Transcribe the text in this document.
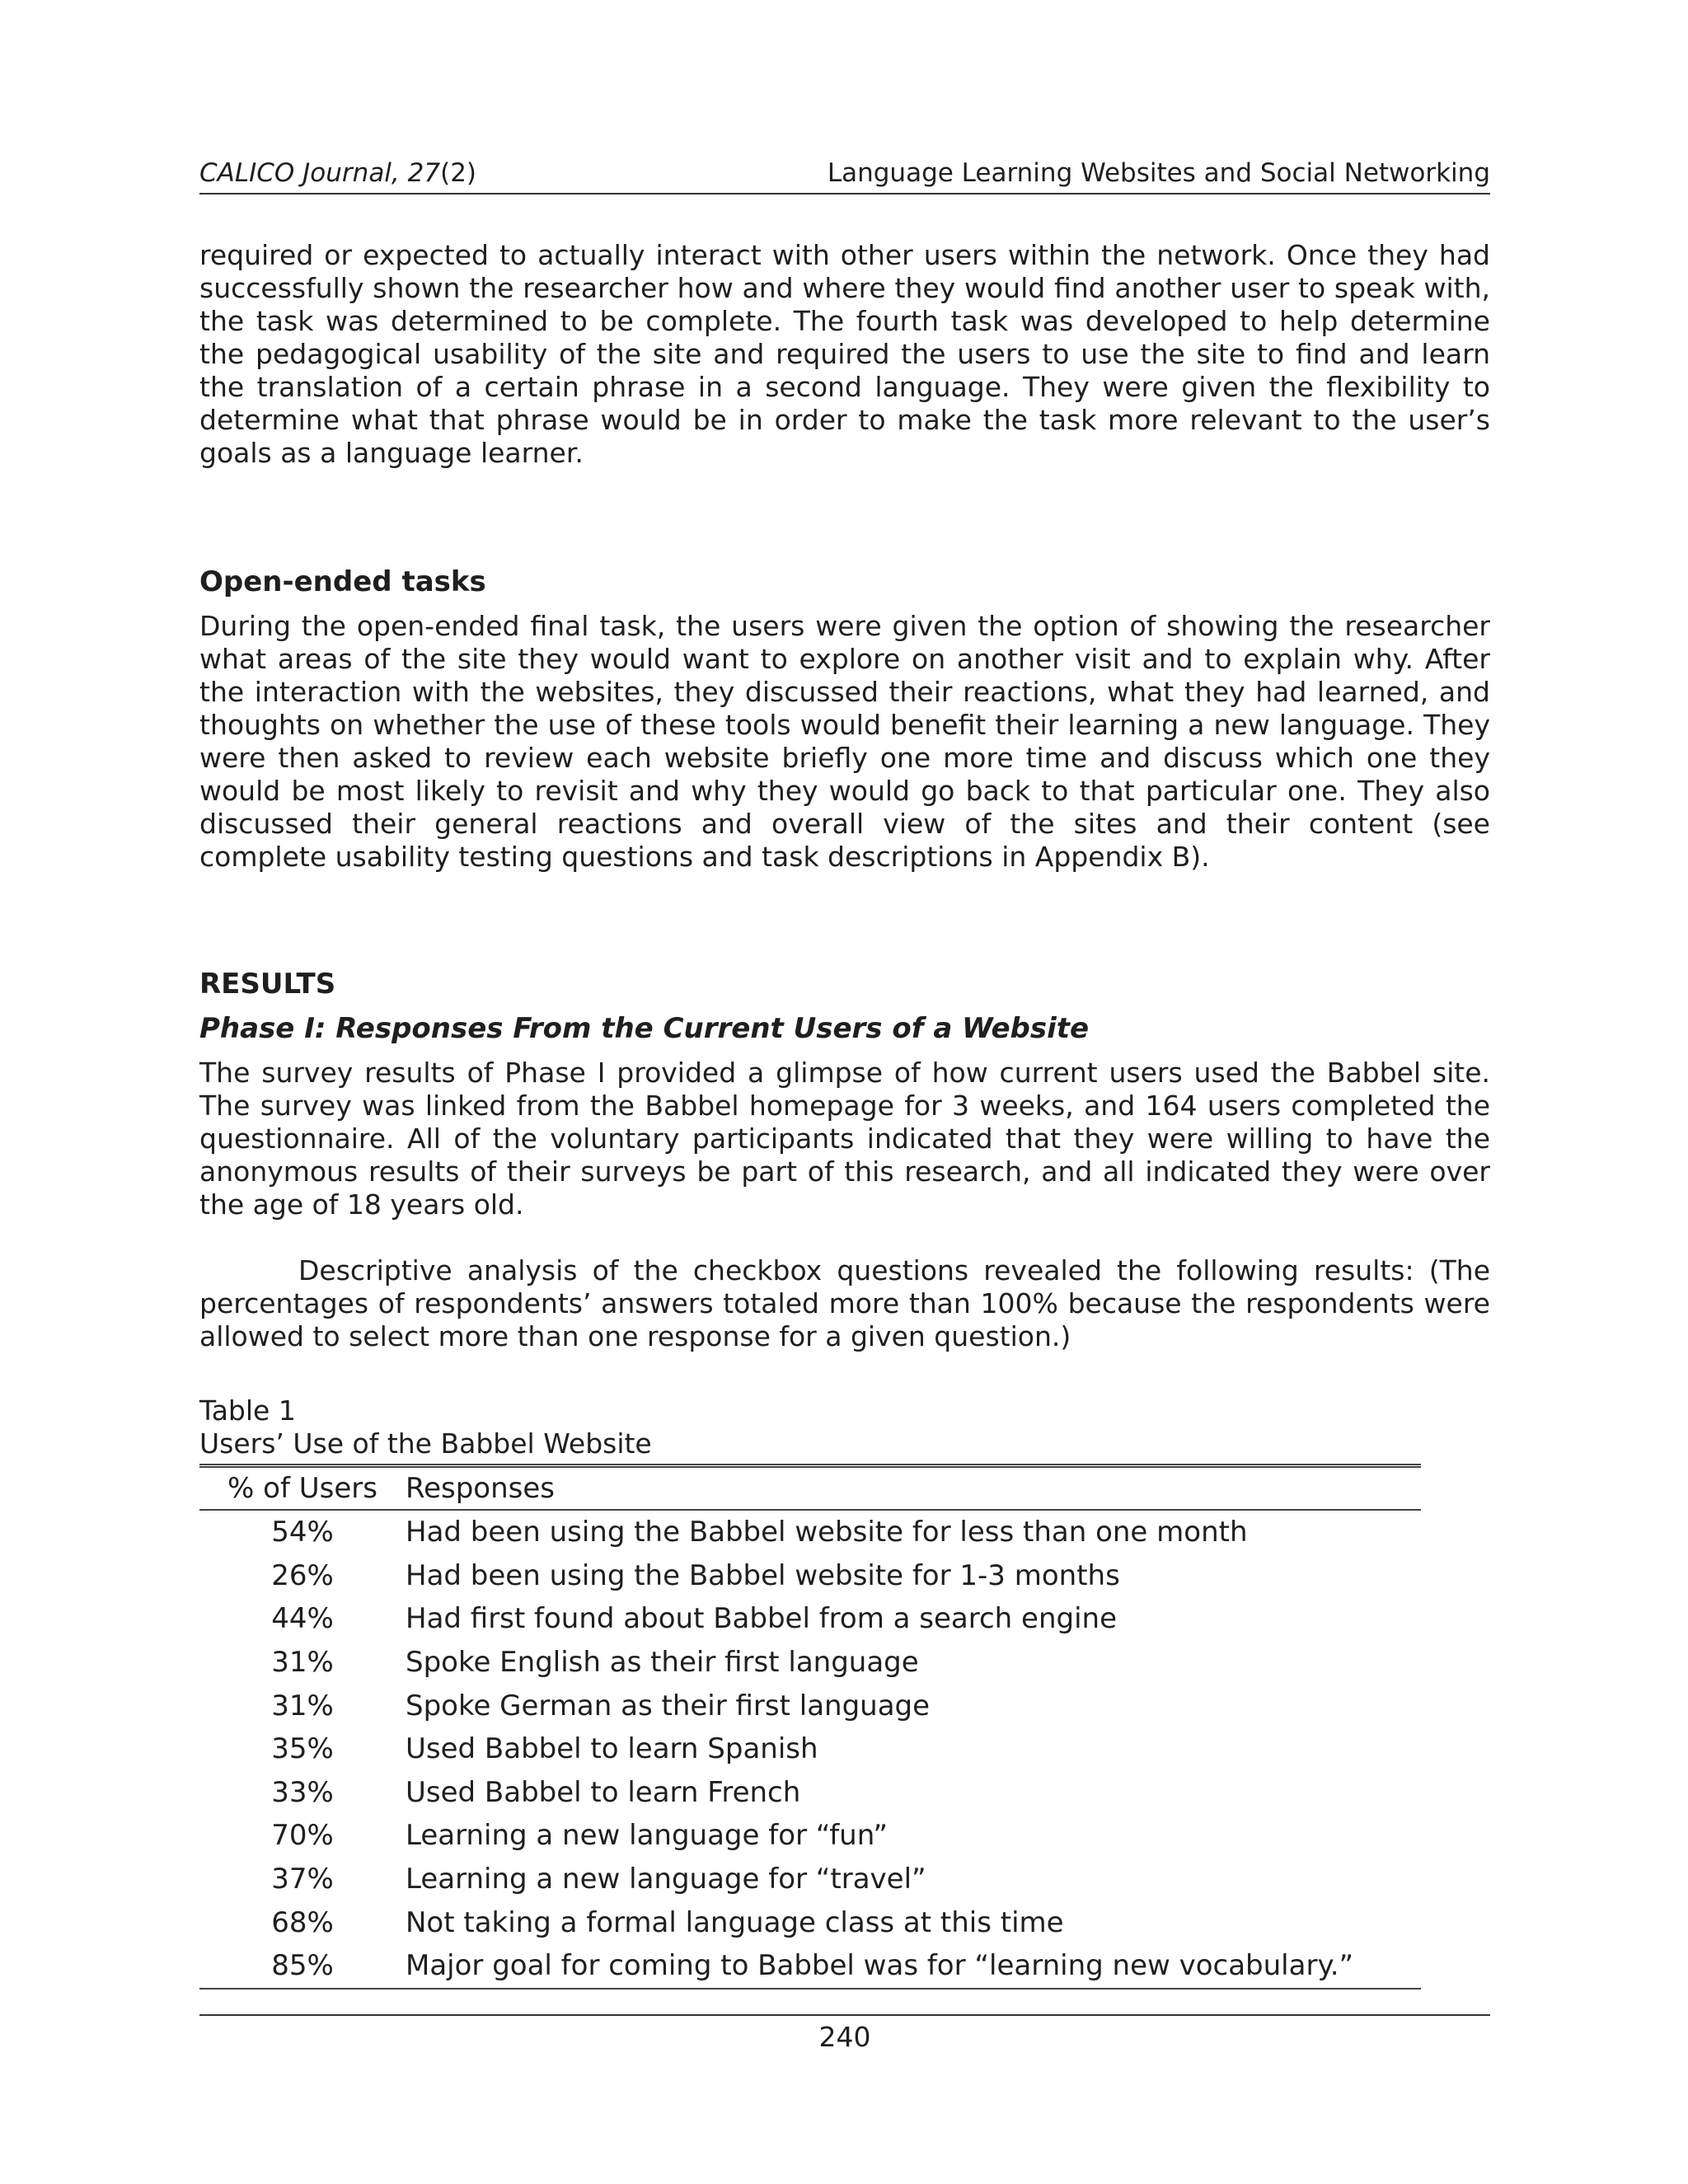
CALICO Journal, 27(2)	Language Learning Websites and Social Networking

required or expected to actually interact with other users within the network. Once they had successfully shown the researcher how and where they would find another user to speak with, the task was determined to be complete. The fourth task was developed to help determine the pedagogical usability of the site and required the users to use the site to find and learn the translation of a certain phrase in a second language. They were given the flexibility to determine what that phrase would be in order to make the task more relevant to the user’s goals as a language learner.

Open-ended tasks

During the open-ended final task, the users were given the option of showing the researcher what areas of the site they would want to explore on another visit and to explain why. After the interaction with the websites, they discussed their reactions, what they had learned, and thoughts on whether the use of these tools would benefit their learning a new language. They were then asked to review each website briefly one more time and discuss which one they would be most likely to revisit and why they would go back to that particular one. They also discussed their general reactions and overall view of the sites and their content (see complete usability testing questions and task descriptions in Appendix B).

RESULTS
Phase I: Responses From the Current Users of a Website

The survey results of Phase I provided a glimpse of how current users used the Babbel site. The survey was linked from the Babbel homepage for 3 weeks, and 164 users completed the questionnaire. All of the voluntary participants indicated that they were willing to have the anonymous results of their surveys be part of this research, and all indicated they were over the age of 18 years old.

Descriptive analysis of the checkbox questions revealed the following results: (The percentages of respondents’ answers totaled more than 100% because the respondents were allowed to select more than one response for a given question.)

Table 1
Users’ Use of the Babbel Website
% of Users	Responses
54%	Had been using the Babbel website for less than one month
26%	Had been using the Babbel website for 1-3 months
44%	Had first found about Babbel from a search engine
31%	Spoke English as their first language
31%	Spoke German as their first language
35%	Used Babbel to learn Spanish
33%	Used Babbel to learn French
70%	Learning a new language for “fun”
37%	Learning a new language for “travel”
68%	Not taking a formal language class at this time
85%	Major goal for coming to Babbel was for “learning new vocabulary.”
240
